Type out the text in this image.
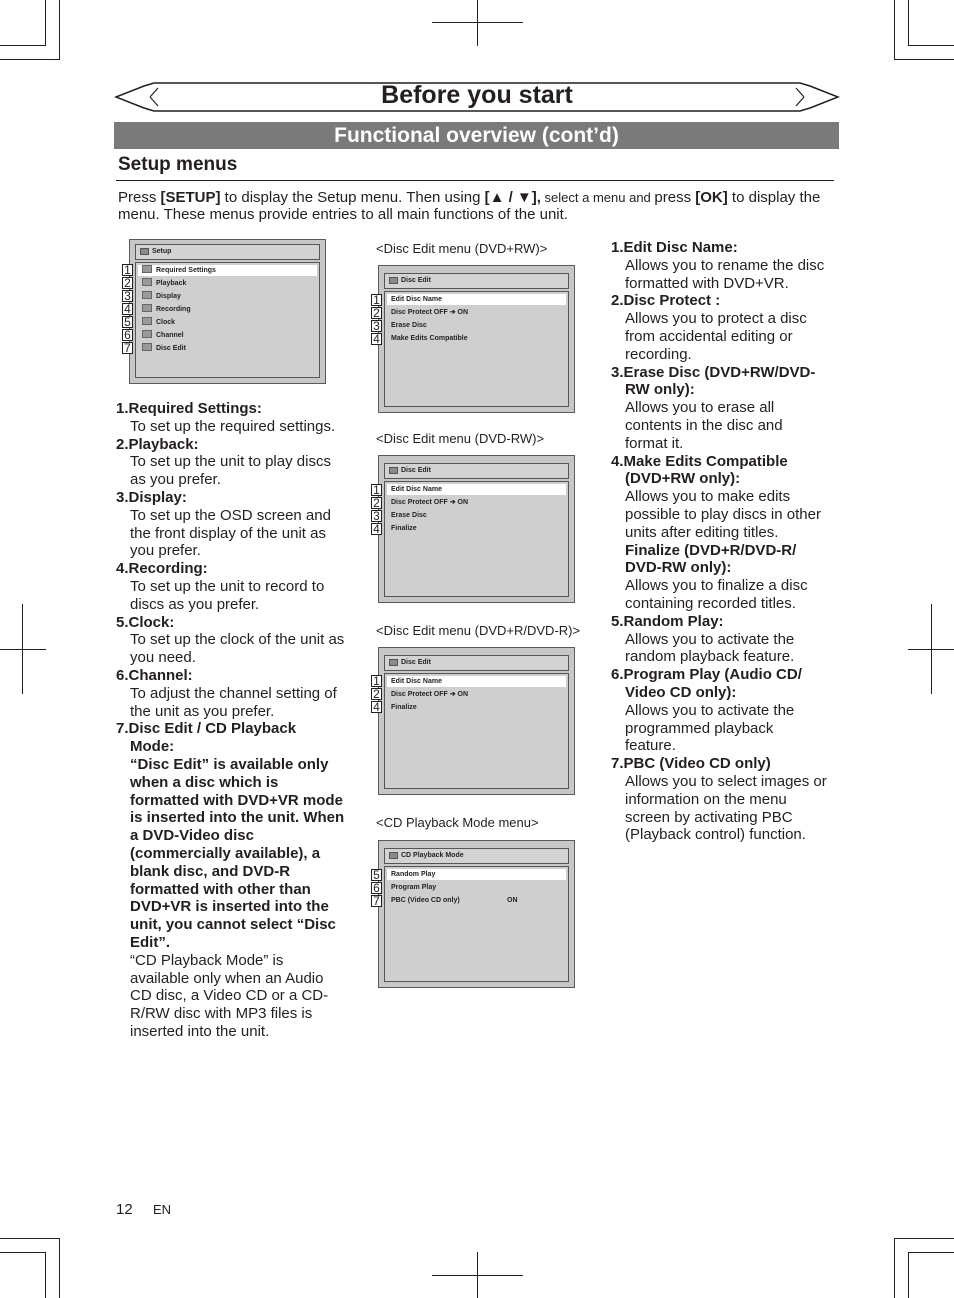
Before you start
Functional overview (cont’d)
Setup menus
Press [SETUP] to display the Setup menu. Then using [▲ / ▼], select a menu and press [OK] to display the menu. These menus provide entries to all main functions of the unit.
Setup
Required Settings
Playback
Display
Recording
Clock
Channel
Disc Edit
1
2
3
4
5
6
7
<Disc Edit menu (DVD+RW)>
Disc Edit
Edit Disc Name
Disc Protect OFF ➔ ON
Erase Disc
Make Edits Compatible
1
2
3
4
<Disc Edit menu (DVD-RW)>
Disc Edit
Edit Disc Name
Disc Protect OFF ➔ ON
Erase Disc
Finalize
1
2
3
4
<Disc Edit menu (DVD+R/DVD-R)>
Disc Edit
Edit Disc Name
Disc Protect OFF ➔ ON
Finalize
1
2
4
<CD Playback Mode menu>
CD Playback Mode
Random Play
Program Play
PBC (Video CD only)	ON
5
6
7
1.Required Settings:
To set up the required settings.
2.Playback:
To set up the unit to play discs as you prefer.
3.Display:
To set up the OSD screen and the front display of the unit as you prefer.
4.Recording:
To set up the unit to record to discs as you prefer.
5.Clock:
To set up the clock of the unit as you need.
6.Channel:
To adjust the channel setting of the unit as you prefer.
7.Disc Edit / CD Playback Mode:
“Disc Edit” is available only when a disc which is formatted with DVD+VR mode is inserted into the unit. When a DVD-Video disc (commercially available), a blank disc, and DVD-R formatted with other than DVD+VR is inserted into the unit, you cannot select “Disc Edit”.
“CD Playback Mode” is available only when an Audio CD disc, a Video CD or a CD-R/RW disc with MP3 files is inserted into the unit.
1.Edit Disc Name:
Allows you to rename the disc formatted with DVD+VR.
2.Disc Protect :
Allows you to protect a disc from accidental editing or recording.
3.Erase Disc (DVD+RW/DVD-RW only):
Allows you to erase all contents in the disc and format it.
4.Make Edits Compatible (DVD+RW only):
Allows you to make edits possible to play discs in other units after editing titles.
Finalize (DVD+R/DVD-R/ DVD-RW only):
Allows you to finalize a disc containing recorded titles.
5.Random Play:
Allows you to activate the random playback feature.
6.Program Play (Audio CD/ Video CD only):
Allows you to activate the programmed playback feature.
7.PBC (Video CD only)
Allows you to select images or information on the menu screen by activating PBC (Playback control) function.
12 EN
